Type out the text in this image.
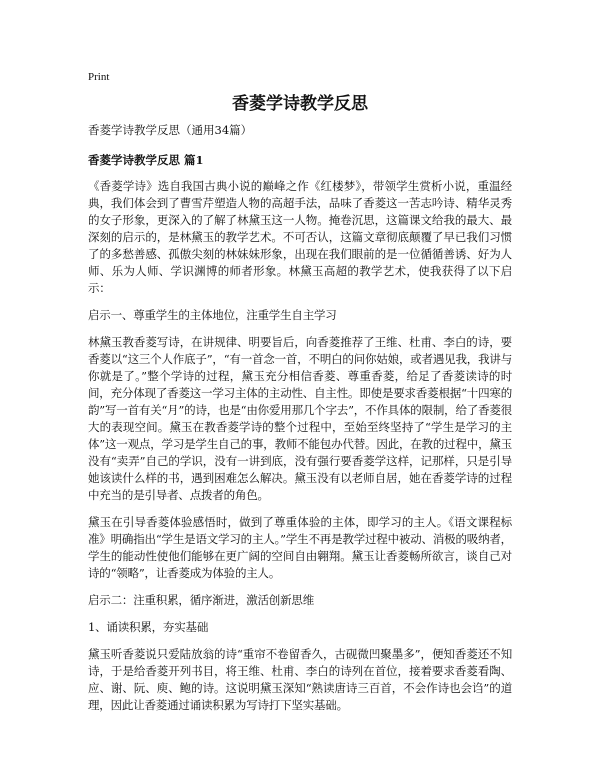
Print

香菱学诗教学反思

香菱学诗教学反思（通用34篇）

香菱学诗教学反思 篇1

《香菱学诗》选自我国古典小说的巅峰之作《红楼梦》，带领学生赏析小说，重温经典，我们体会到了曹雪芹塑造人物的高超手法，品味了香菱这一苦志吟诗、精华灵秀的女子形象，更深入的了解了林黛玉这一人物。掩卷沉思，这篇课文给我的最大、最深刻的启示的，是林黛玉的教学艺术。不可否认，这篇文章彻底颠覆了早已我们习惯了的多愁善感、孤傲尖刻的林妹妹形象，出现在我们眼前的是一位循循善诱、好为人师、乐为人师、学识渊博的师者形象。林黛玉高超的教学艺术，使我获得了以下启示：

启示一、尊重学生的主体地位，注重学生自主学习

林黛玉教香菱写诗，在讲规律、明要旨后，向香菱推荐了王维、杜甫、李白的诗，要香菱以“这三个人作底子”，“有一首念一首，不明白的问你姑娘，或者遇见我，我讲与你就是了。”整个学诗的过程，黛玉充分相信香菱、尊重香菱，给足了香菱读诗的时间，充分体现了香菱这一学习主体的主动性、自主性。即使是要求香菱根据“十四寒的韵”写一首有关“月”的诗，也是“由你爱用那几个字去”，不作具体的限制，给了香菱很大的表现空间。黛玉在教香菱学诗的整个过程中，至始至终坚持了“学生是学习的主体”这一观点，学习是学生自己的事，教师不能包办代替。因此，在教的过程中，黛玉没有“卖弄”自己的学识，没有一讲到底，没有强行要香菱学这样，记那样，只是引导她该读什么样的书，遇到困难怎么解决。黛玉没有以老师自居，她在香菱学诗的过程中充当的是引导者、点拨者的角色。

黛玉在引导香菱体验感悟时，做到了尊重体验的主体，即学习的主人。《语文课程标准》明确指出“学生是语文学习的主人。”学生不再是教学过程中被动、消极的吸纳者，学生的能动性使他们能够在更广阔的空间自由翱翔。黛玉让香菱畅所欲言，谈自己对诗的“领略”，让香菱成为体验的主人。

启示二：注重积累，循序渐进，激活创新思维

1、诵读积累，夯实基础

黛玉听香菱说只爱陆放翁的诗“重帘不卷留香久，古砚微凹聚墨多”，便知香菱还不知诗，于是给香菱开列书目，将王维、杜甫、李白的诗列在首位，接着要求香菱看陶、应、谢、阮、庾、鲍的诗。这说明黛玉深知“熟读唐诗三百首，不会作诗也会诌”的道理，因此让香菱通过诵读积累为写诗打下坚实基础。
